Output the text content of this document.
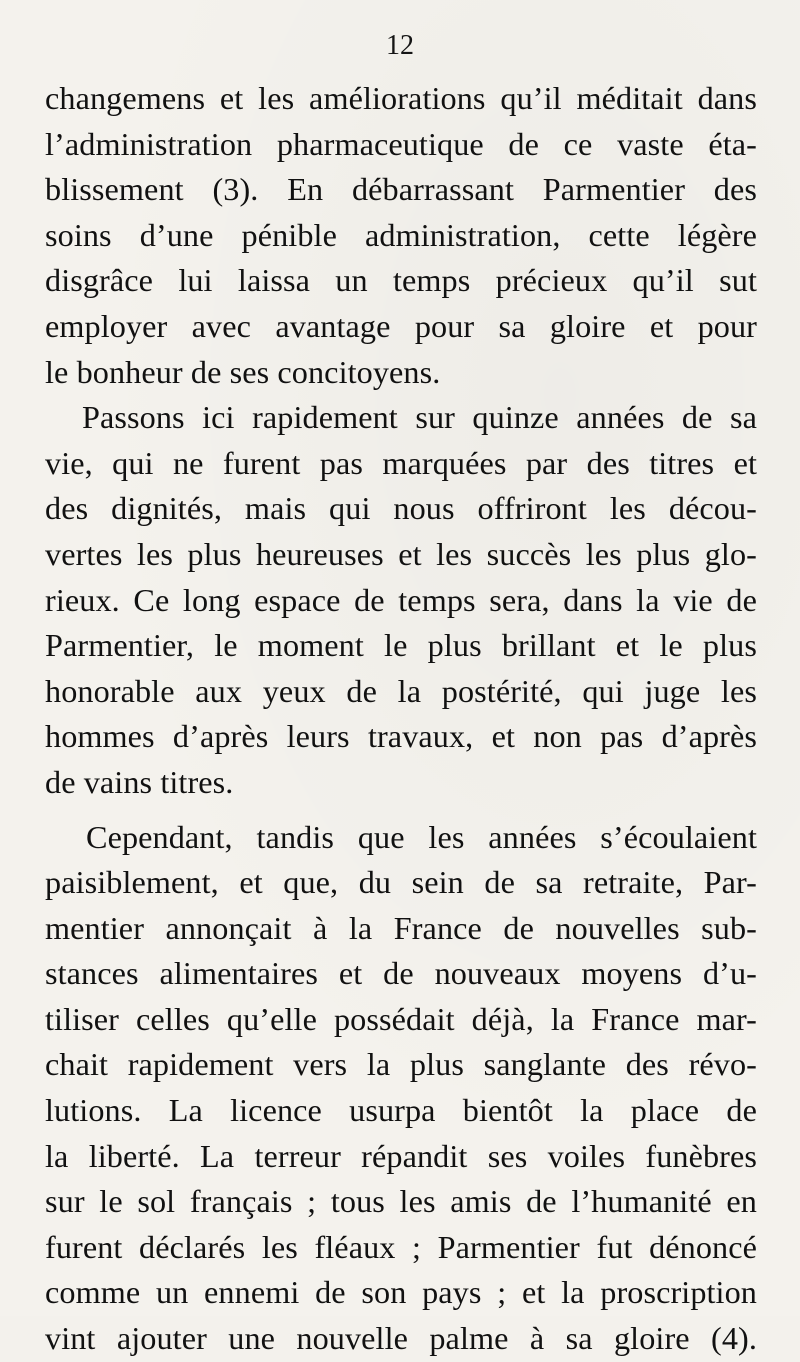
12
changemens et les améliorations qu’il méditait dans
l’administration pharmaceutique de ce vaste éta-
blissement (3). En débarrassant Parmentier des
soins d’une pénible administration, cette légère
disgrâce lui laissa un temps précieux qu’il sut
employer avec avantage pour sa gloire et pour
le bonheur de ses concitoyens.
Passons ici rapidement sur quinze années de sa
vie, qui ne furent pas marquées par des titres et
des dignités, mais qui nous offriront les décou-
vertes les plus heureuses et les succès les plus glo-
rieux. Ce long espace de temps sera, dans la vie de
Parmentier, le moment le plus brillant et le plus
honorable aux yeux de la postérité, qui juge les
hommes d’après leurs travaux, et non pas d’après
de vains titres.
Cependant, tandis que les années s’écoulaient
paisiblement, et que, du sein de sa retraite, Par-
mentier annonçait à la France de nouvelles sub-
stances alimentaires et de nouveaux moyens d’u-
tiliser celles qu’elle possédait déjà, la France mar-
chait rapidement vers la plus sanglante des révo-
lutions. La licence usurpa bientôt la place de
la liberté. La terreur répandit ses voiles funèbres
sur le sol français ; tous les amis de l’humanité en
furent déclarés les fléaux ; Parmentier fut dénoncé
comme un ennemi de son pays ; et la proscription
vint ajouter une nouvelle palme à sa gloire (4).
